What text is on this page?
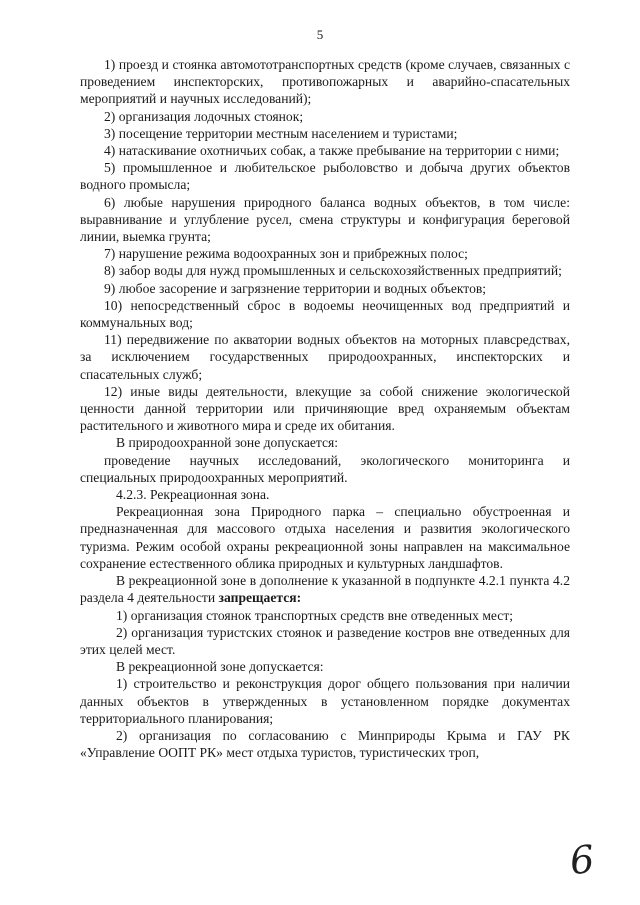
5

1) проезд и стоянка автомототранспортных средств (кроме случаев, связанных с проведением инспекторских, противопожарных и аварийно-спасательных мероприятий и научных исследований);

2) организация лодочных стоянок;

3) посещение территории местным населением и туристами;

4) натаскивание охотничьих собак, а также пребывание на территории с ними;

5) промышленное и любительское рыболовство и добыча других объектов водного промысла;

6) любые нарушения природного баланса водных объектов, в том числе: выравнивание и углубление русел, смена структуры и конфигурация береговой линии, выемка грунта;

7) нарушение режима водоохранных зон и прибрежных полос;

8) забор воды для нужд промышленных и сельскохозяйственных предприятий;

9) любое засорение и загрязнение территории и водных объектов;

10) непосредственный сброс в водоемы неочищенных вод предприятий и коммунальных вод;

11) передвижение по акватории водных объектов на моторных плавсредствах, за исключением государственных природоохранных, инспекторских и спасательных служб;

12) иные виды деятельности, влекущие за собой снижение экологической ценности данной территории или причиняющие вред охраняемым объектам растительного и животного мира и среде их обитания.

В природоохранной зоне допускается:

проведение научных исследований, экологического мониторинга и специальных природоохранных мероприятий.

4.2.3. Рекреационная зона.

Рекреационная зона Природного парка – специально обустроенная и предназначенная для массового отдыха населения и развития экологического туризма. Режим особой охраны рекреационной зоны направлен на максимальное сохранение естественного облика природных и культурных ландшафтов.

В рекреационной зоне в дополнение к указанной в подпункте 4.2.1 пункта 4.2 раздела 4 деятельности запрещается:

1) организация стоянок транспортных средств вне отведенных мест;

2) организация туристских стоянок и разведение костров вне отведенных для этих целей мест.

В рекреационной зоне допускается:

1) строительство и реконструкция дорог общего пользования при наличии данных объектов в утвержденных в установленном порядке документах территориального планирования;

2) организация по согласованию с Минприроды Крыма и ГАУ РК «Управление ООПТ РК» мест отдыха туристов, туристических троп,

6
